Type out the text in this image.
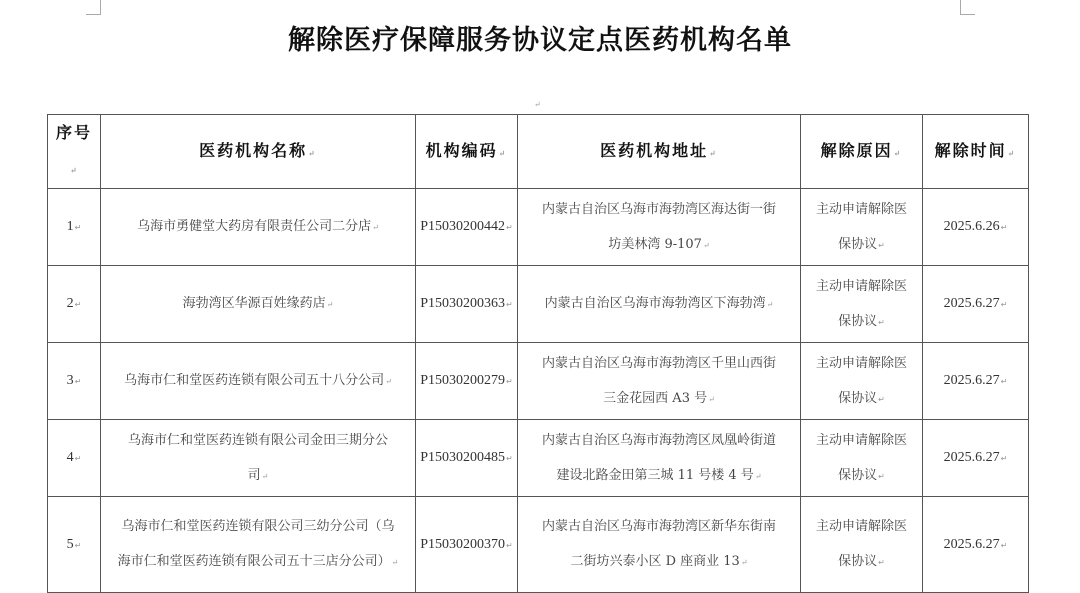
解除医疗保障服务协议定点医药机构名单
↵
序号 ↵	医药机构名称 ↵	机构编码 ↵	医药机构地址 ↵	解除原因 ↵	解除时间 ↵

1 ↵	乌海市勇健堂大药房有限责任公司二分店 ↵	P15030200442 ↵	内蒙古自治区乌海市海勃湾区海达街一街
坊美林湾 9-107 ↵	主动申请解除医
保协议 ↵	2025.6.26 ↵

2 ↵	海勃湾区华源百姓缘药店 ↵	P15030200363 ↵	内蒙古自治区乌海市海勃湾区下海勃湾 ↵	主动申请解除医
保协议 ↵	2025.6.27 ↵

3 ↵	乌海市仁和堂医药连锁有限公司五十八分公司 ↵	P15030200279 ↵	内蒙古自治区乌海市海勃湾区千里山西街
三金花园西 A3 号 ↵	主动申请解除医
保协议 ↵	2025.6.27 ↵

4 ↵	乌海市仁和堂医药连锁有限公司金田三期分公
司 ↵	P15030200485 ↵	内蒙古自治区乌海市海勃湾区凤凰岭街道
建设北路金田第三城 11 号楼 4 号 ↵	主动申请解除医
保协议 ↵	2025.6.27 ↵

5 ↵	乌海市仁和堂医药连锁有限公司三幼分公司（乌
海市仁和堂医药连锁有限公司五十三店分公司） ↵	P15030200370 ↵	内蒙古自治区乌海市海勃湾区新华东街南
二街坊兴泰小区 D 座商业 13 ↵	主动申请解除医
保协议 ↵	2025.6.27 ↵
